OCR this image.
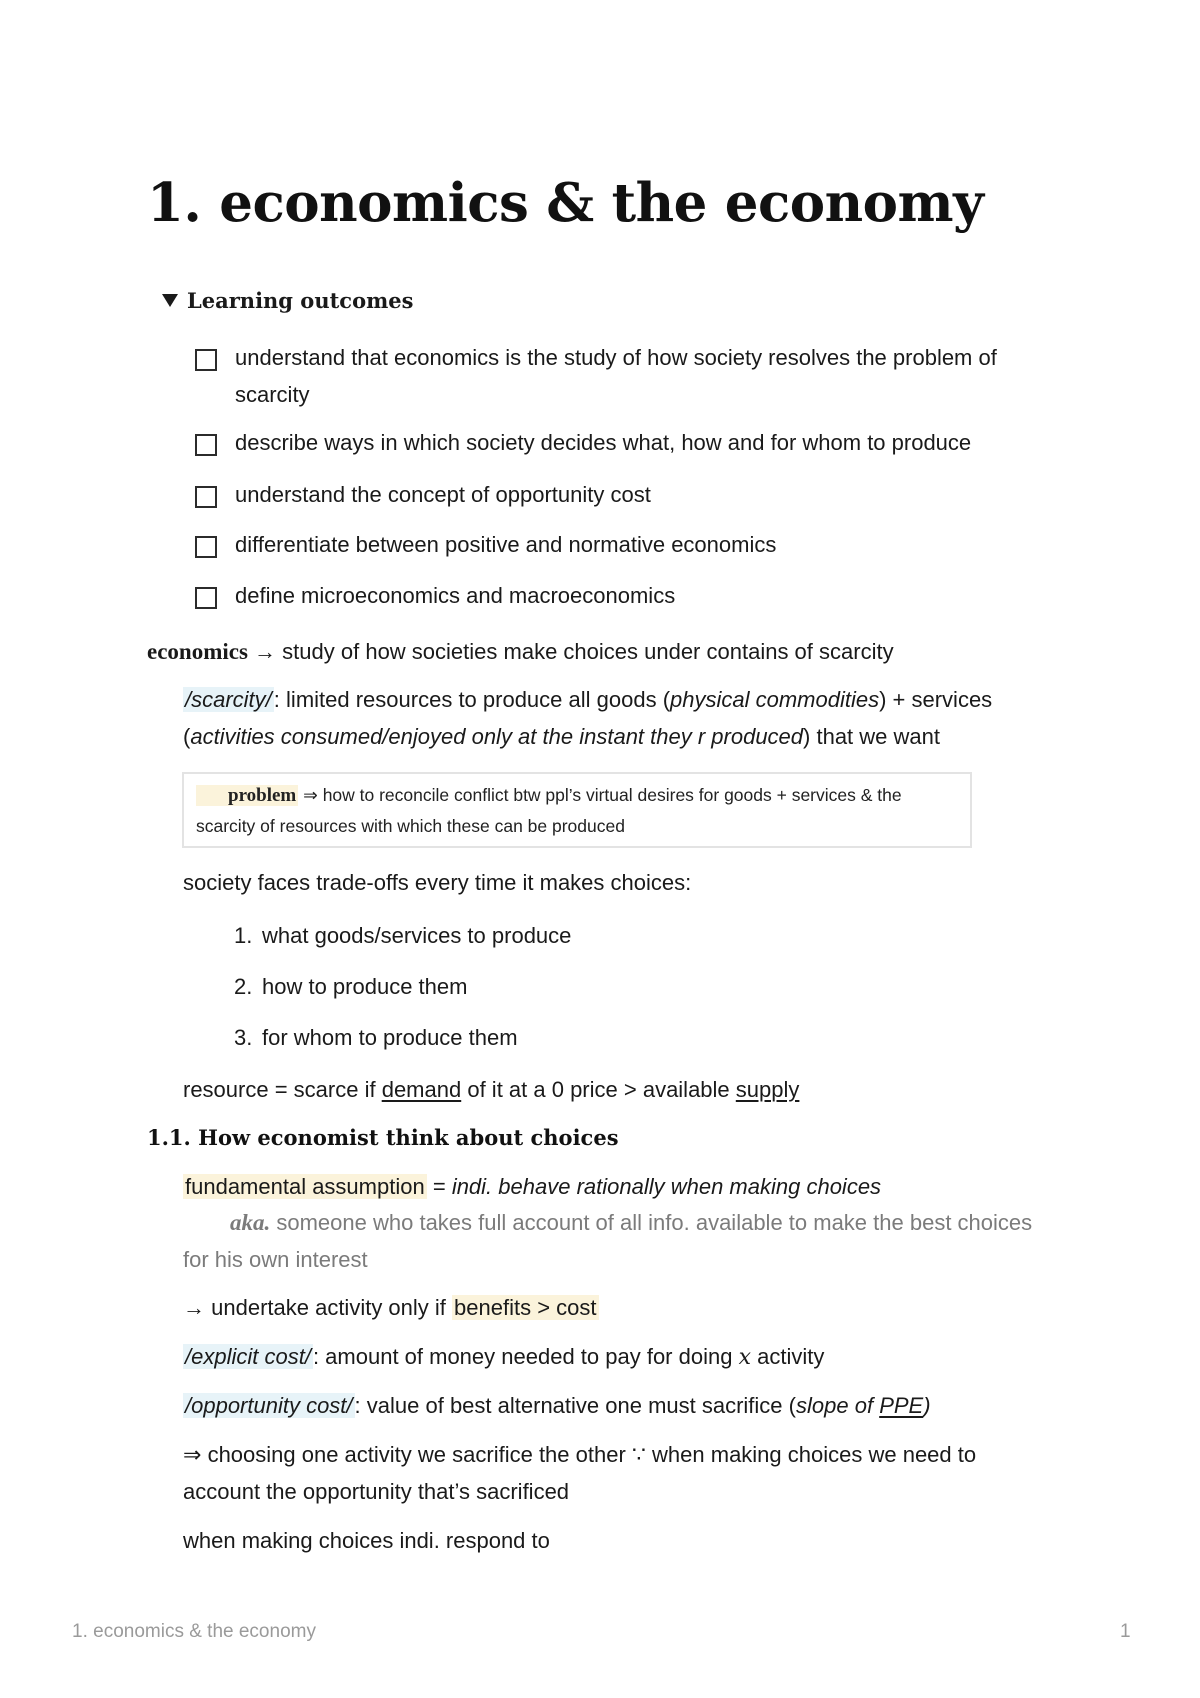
1. economics & the economy
Learning outcomes
understand that economics is the study of how society resolves the problem of
scarcity
describe ways in which society decides what, how and for whom to produce
understand the concept of opportunity cost
differentiate between positive and normative economics
define microeconomics and macroeconomics
economics → study of how societies make choices under contains of scarcity
/scarcity/: limited resources to produce all goods (physical commodities) + services
(activities consumed/enjoyed only at the instant they r produced) that we want
problem ⇒ how to reconcile conflict btw ppl’s virtual desires for goods + services & the scarcity of resources with which these can be produced
society faces trade-offs every time it makes choices:
1. what goods/services to produce
2. how to produce them
3. for whom to produce them
resource = scarce if demand of it at a 0 price > available supply
1.1. How economist think about choices
fundamental assumption = indi. behave rationally when making choices
aka. someone who takes full account of all info. available to make the best choices
for his own interest
→ undertake activity only if benefits > cost
/explicit cost/: amount of money needed to pay for doing x activity
/opportunity cost/: value of best alternative one must sacrifice (slope of PPE)
⇒ choosing one activity we sacrifice the other ∵ when making choices we need to
account the opportunity that’s sacrificed
when making choices indi. respond to
1. economics & the economy	1
